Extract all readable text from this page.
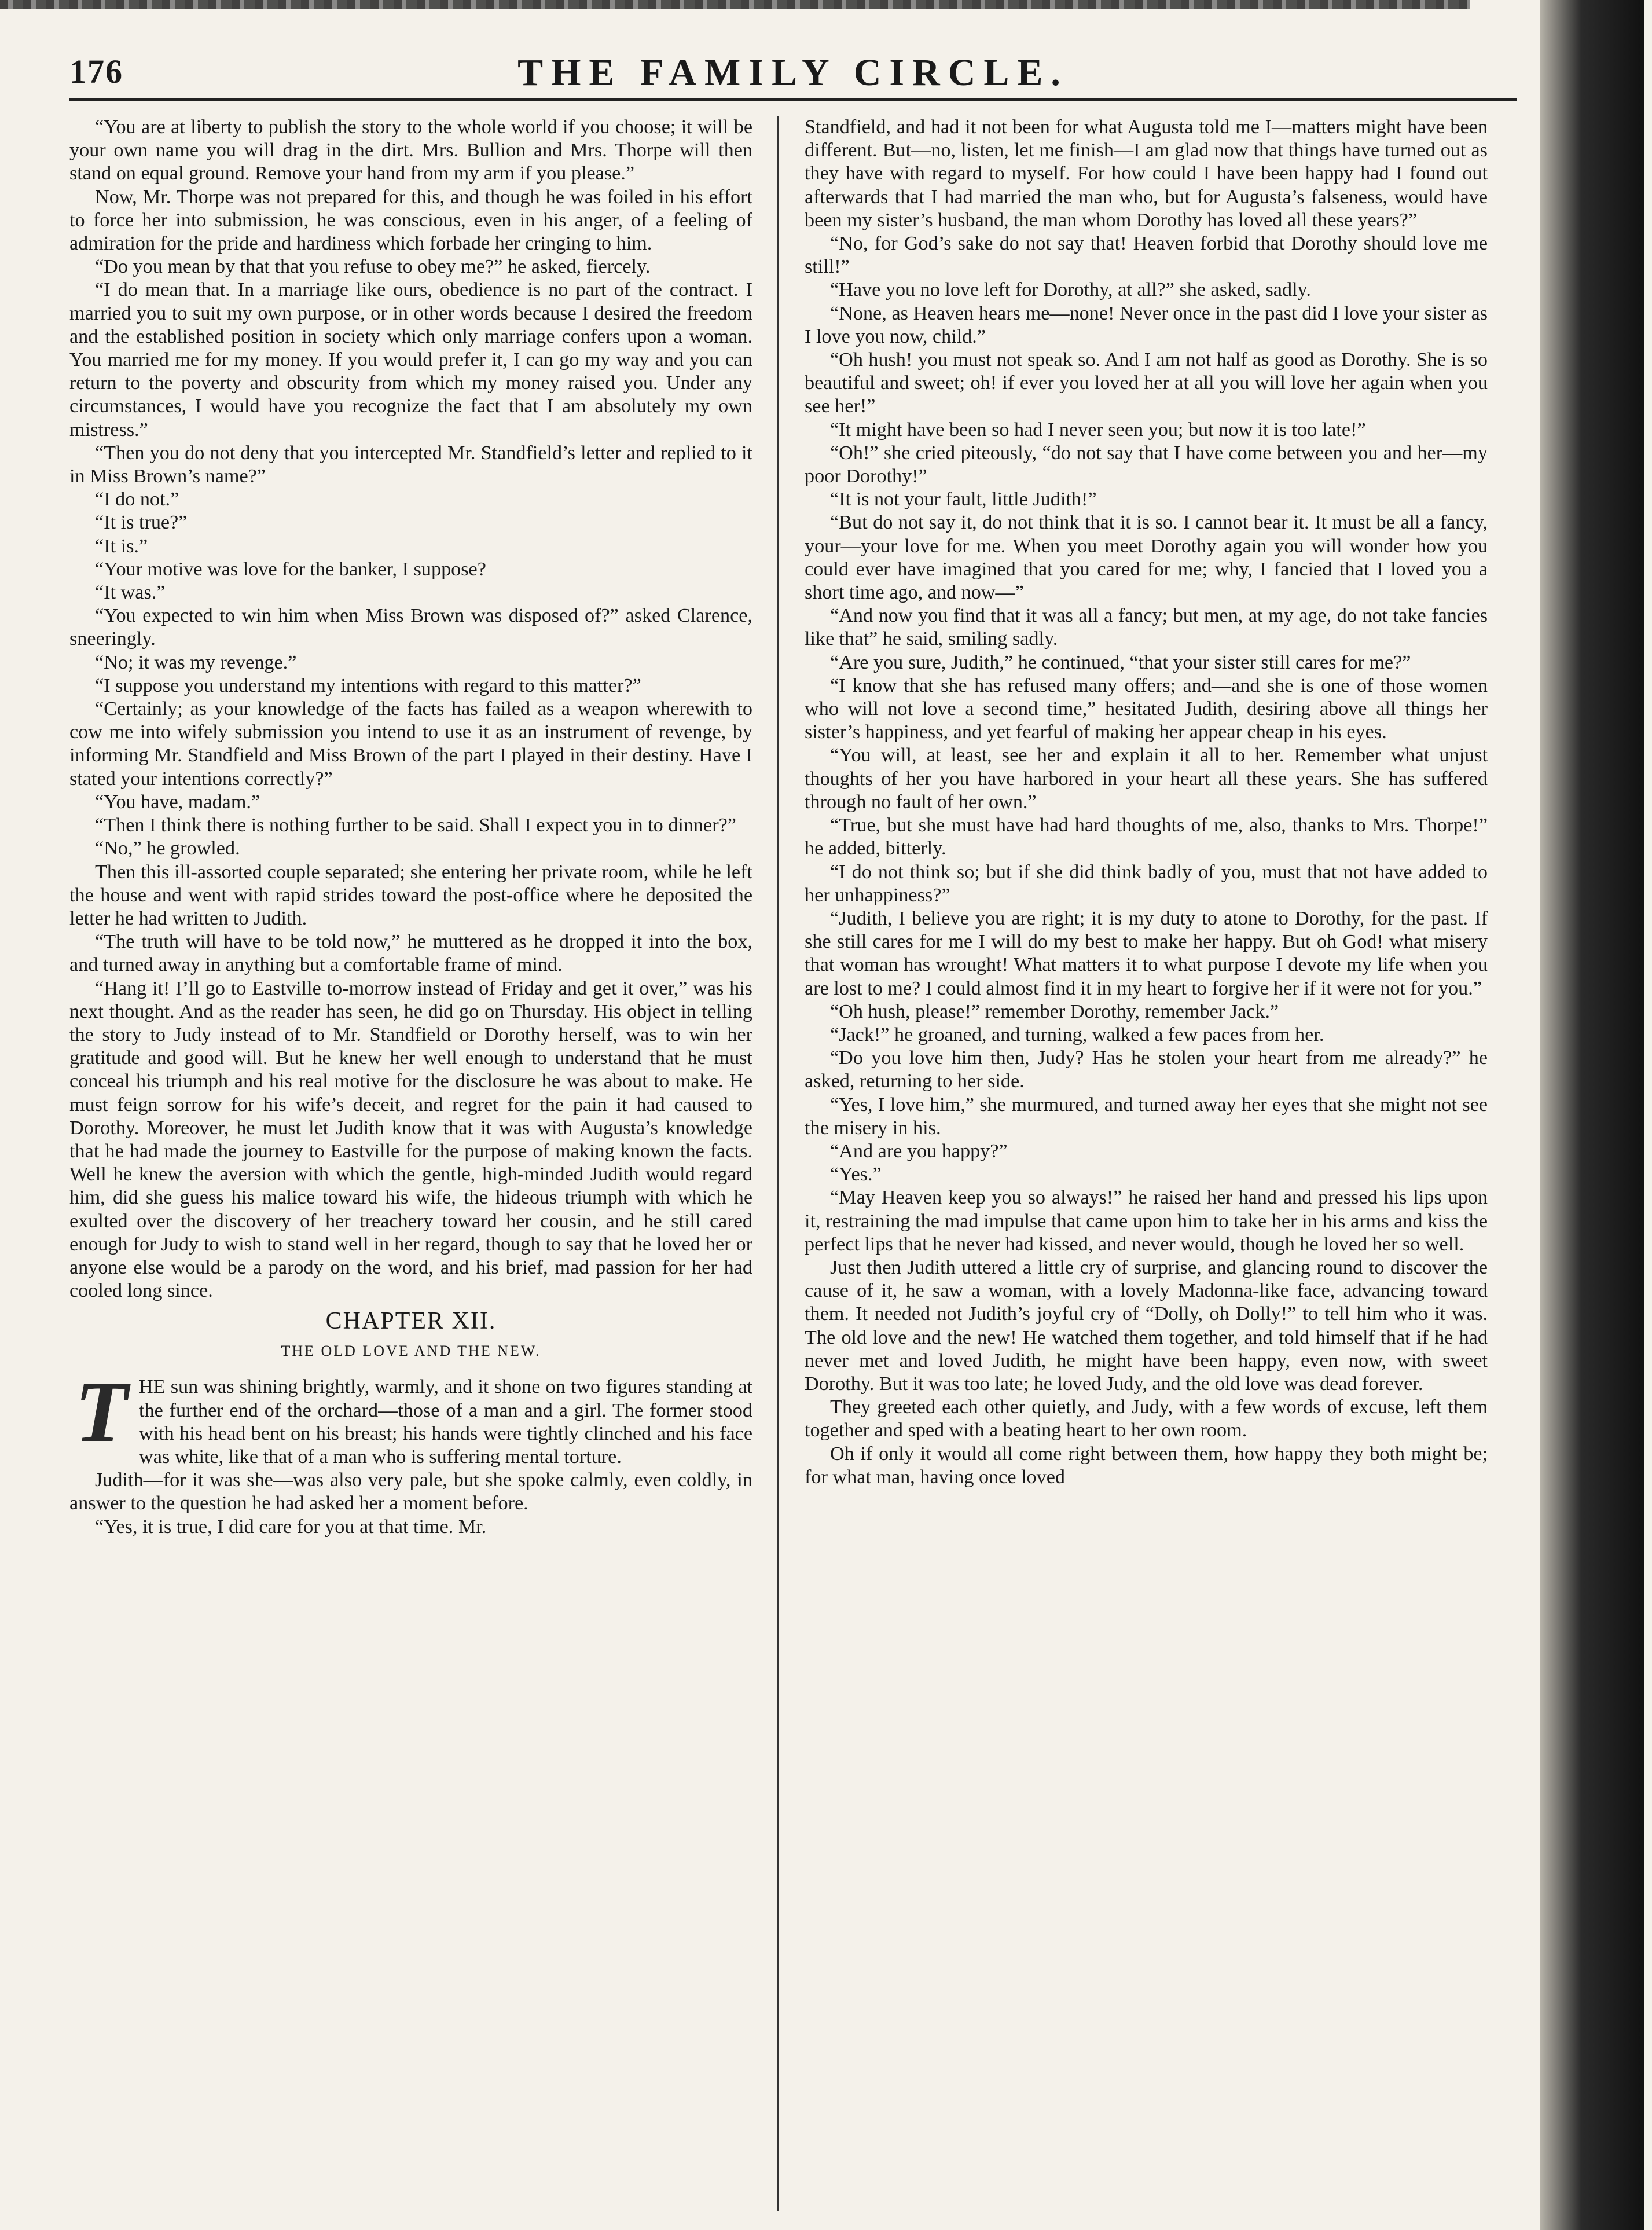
176	THE FAMILY CIRCLE.

“You are at liberty to publish the story to the whole world if you choose; it will be your own name you will drag in the dirt. Mrs. Bullion and Mrs. Thorpe will then stand on equal ground. Remove your hand from my arm if you please.”

Now, Mr. Thorpe was not prepared for this, and though he was foiled in his effort to force her into submission, he was conscious, even in his anger, of a feeling of admiration for the pride and hardiness which forbade her cringing to him.

“Do you mean by that that you refuse to obey me?” he asked, fiercely.

“I do mean that. In a marriage like ours, obedience is no part of the contract. I married you to suit my own purpose, or in other words because I desired the freedom and the established position in society which only marriage confers upon a woman. You married me for my money. If you would prefer it, I can go my way and you can return to the poverty and obscurity from which my money raised you. Under any circumstances, I would have you recognize the fact that I am absolutely my own mistress.”

“Then you do not deny that you intercepted Mr. Standfield’s letter and replied to it in Miss Brown’s name?”

“I do not.”

“It is true?”

“It is.”

“Your motive was love for the banker, I suppose?

“It was.”

“You expected to win him when Miss Brown was disposed of?” asked Clarence, sneeringly.

“No; it was my revenge.”

“I suppose you understand my intentions with regard to this matter?”

“Certainly; as your knowledge of the facts has failed as a weapon wherewith to cow me into wifely submission you intend to use it as an instrument of revenge, by informing Mr. Standfield and Miss Brown of the part I played in their destiny. Have I stated your intentions correctly?”

“You have, madam.”

“Then I think there is nothing further to be said. Shall I expect you in to dinner?”

“No,” he growled.

Then this ill-assorted couple separated; she entering her private room, while he left the house and went with rapid strides toward the post-office where he deposited the letter he had written to Judith.

“The truth will have to be told now,” he muttered as he dropped it into the box, and turned away in anything but a comfortable frame of mind.

“Hang it! I’ll go to Eastville to-morrow instead of Friday and get it over,” was his next thought. And as the reader has seen, he did go on Thursday. His object in telling the story to Judy instead of to Mr. Standfield or Dorothy herself, was to win her gratitude and good will. But he knew her well enough to understand that he must conceal his triumph and his real motive for the disclosure he was about to make. He must feign sorrow for his wife’s deceit, and regret for the pain it had caused to Dorothy. Moreover, he must let Judith know that it was with Augusta’s knowledge that he had made the journey to Eastville for the purpose of making known the facts. Well he knew the aversion with which the gentle, high-minded Judith would regard him, did she guess his malice toward his wife, the hideous triumph with which he exulted over the discovery of her treachery toward her cousin, and he still cared enough for Judy to wish to stand well in her regard, though to say that he loved her or anyone else would be a parody on the word, and his brief, mad passion for her had cooled long since.

CHAPTER XII.
THE OLD LOVE AND THE NEW.

THE sun was shining brightly, warmly, and it shone on two figures standing at the further end of the orchard—those of a man and a girl. The former stood with his head bent on his breast; his hands were tightly clinched and his face was white, like that of a man who is suffering mental torture.

Judith—for it was she—was also very pale, but she spoke calmly, even coldly, in answer to the question he had asked her a moment before.

“Yes, it is true, I did care for you at that time. Mr.

Standfield, and had it not been for what Augusta told me I—matters might have been different. But—no, listen, let me finish—I am glad now that things have turned out as they have with regard to myself. For how could I have been happy had I found out afterwards that I had married the man who, but for Augusta’s falseness, would have been my sister’s husband, the man whom Dorothy has loved all these years?”

“No, for God’s sake do not say that! Heaven forbid that Dorothy should love me still!”

“Have you no love left for Dorothy, at all?” she asked, sadly.

“None, as Heaven hears me—none! Never once in the past did I love your sister as I love you now, child.”

“Oh hush! you must not speak so. And I am not half as good as Dorothy. She is so beautiful and sweet; oh! if ever you loved her at all you will love her again when you see her!”

“It might have been so had I never seen you; but now it is too late!”

“Oh!” she cried piteously, “do not say that I have come between you and her—my poor Dorothy!”

“It is not your fault, little Judith!”

“But do not say it, do not think that it is so. I cannot bear it. It must be all a fancy, your—your love for me. When you meet Dorothy again you will wonder how you could ever have imagined that you cared for me; why, I fancied that I loved you a short time ago, and now—”

“And now you find that it was all a fancy; but men, at my age, do not take fancies like that” he said, smiling sadly.

“Are you sure, Judith,” he continued, “that your sister still cares for me?”

“I know that she has refused many offers; and—and she is one of those women who will not love a second time,” hesitated Judith, desiring above all things her sister’s happiness, and yet fearful of making her appear cheap in his eyes.

“You will, at least, see her and explain it all to her. Remember what unjust thoughts of her you have harbored in your heart all these years. She has suffered through no fault of her own.”

“True, but she must have had hard thoughts of me, also, thanks to Mrs. Thorpe!” he added, bitterly.

“I do not think so; but if she did think badly of you, must that not have added to her unhappiness?”

“Judith, I believe you are right; it is my duty to atone to Dorothy, for the past. If she still cares for me I will do my best to make her happy. But oh God! what misery that woman has wrought! What matters it to what purpose I devote my life when you are lost to me? I could almost find it in my heart to forgive her if it were not for you.”

“Oh hush, please!” remember Dorothy, remember Jack.”

“Jack!” he groaned, and turning, walked a few paces from her.

“Do you love him then, Judy? Has he stolen your heart from me already?” he asked, returning to her side.

“Yes, I love him,” she murmured, and turned away her eyes that she might not see the misery in his.

“And are you happy?”

“Yes.”

“May Heaven keep you so always!” he raised her hand and pressed his lips upon it, restraining the mad impulse that came upon him to take her in his arms and kiss the perfect lips that he never had kissed, and never would, though he loved her so well.

Just then Judith uttered a little cry of surprise, and glancing round to discover the cause of it, he saw a woman, with a lovely Madonna-like face, advancing toward them. It needed not Judith’s joyful cry of “Dolly, oh Dolly!” to tell him who it was. The old love and the new! He watched them together, and told himself that if he had never met and loved Judith, he might have been happy, even now, with sweet Dorothy. But it was too late; he loved Judy, and the old love was dead forever.

They greeted each other quietly, and Judy, with a few words of excuse, left them together and sped with a beating heart to her own room.

Oh if only it would all come right between them, how happy they both might be; for what man, having once loved
